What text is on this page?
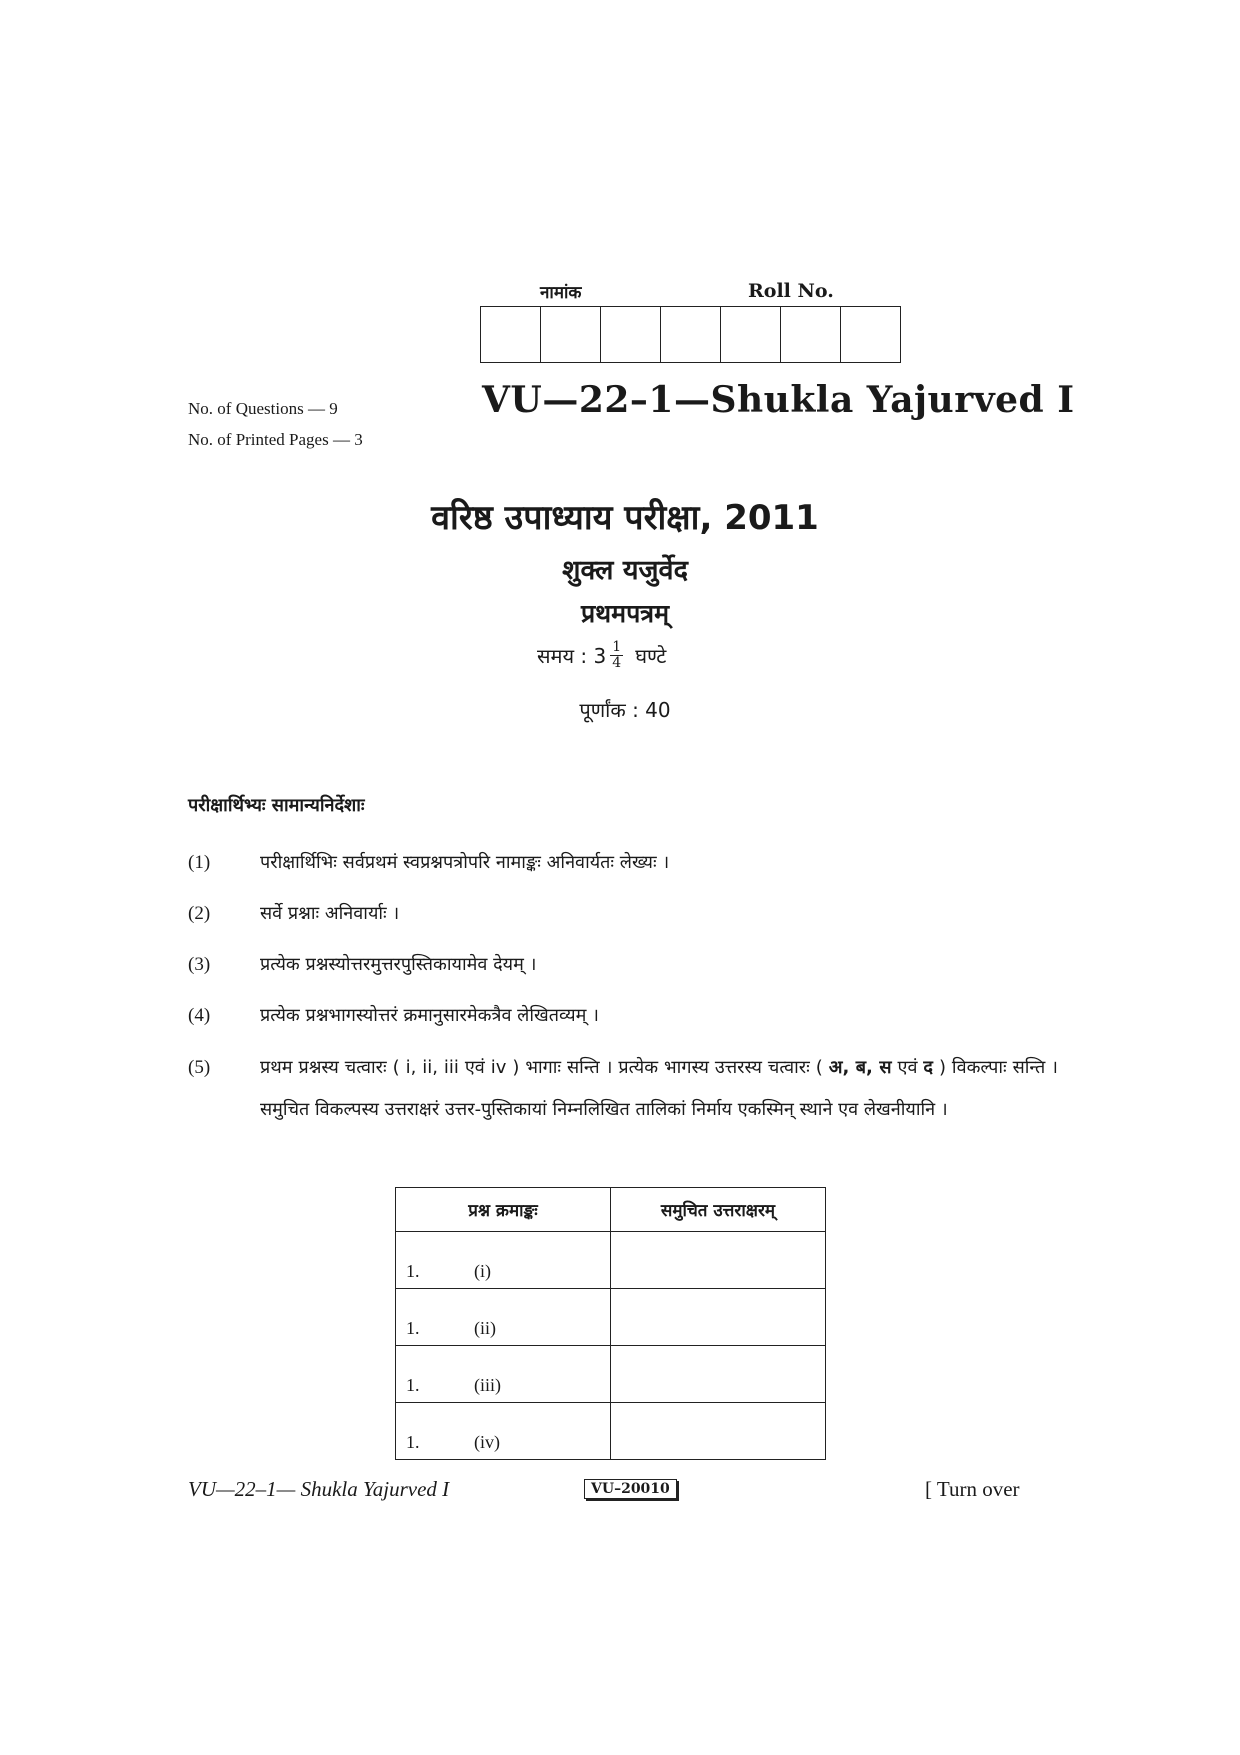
नामांक	Roll No.
No. of Questions — 9
No. of Printed Pages — 3
VU—22–1—Shukla Yajurved I
वरिष्ठ उपाध्याय परीक्षा, 2011
शुक्ल यजुर्वेद
प्रथमपत्रम्
समय : $3 \frac{1}{4}$ घण्टे
पूर्णांक : 40
परीक्षार्थिभ्यः सामान्यनिर्देशाः
(1)	परीक्षार्थिभिः सर्वप्रथमं स्वप्रश्नपत्रोपरि नामाङ्कः अनिवार्यतः लेख्यः ।
(2)	सर्वे प्रश्नाः अनिवार्याः ।
(3)	प्रत्येक प्रश्नस्योत्तरमुत्तरपुस्तिकायामेव देयम् ।
(4)	प्रत्येक प्रश्नभागस्योत्तरं क्रमानुसारमेकत्रैव लेखितव्यम् ।
(5)	प्रथम प्रश्नस्य चत्वारः ( i, ii, iii एवं iv ) भागाः सन्ति । प्रत्येक भागस्य उत्तरस्य चत्वारः ( अ, ब, स एवं द ) विकल्पाः सन्ति । समुचित विकल्पस्य उत्तराक्षरं उत्तर-पुस्तिकायां निम्नलिखित तालिकां निर्माय एकस्मिन् स्थाने एव लेखनीयानि ।
प्रश्न क्रमाङ्कः	समुचित उत्तराक्षरम्
1. (i)	
1. (ii)	
1. (iii)	
1. (iv)	
VU—22–1— Shukla Yajurved I	VU–20010	[ Turn over
